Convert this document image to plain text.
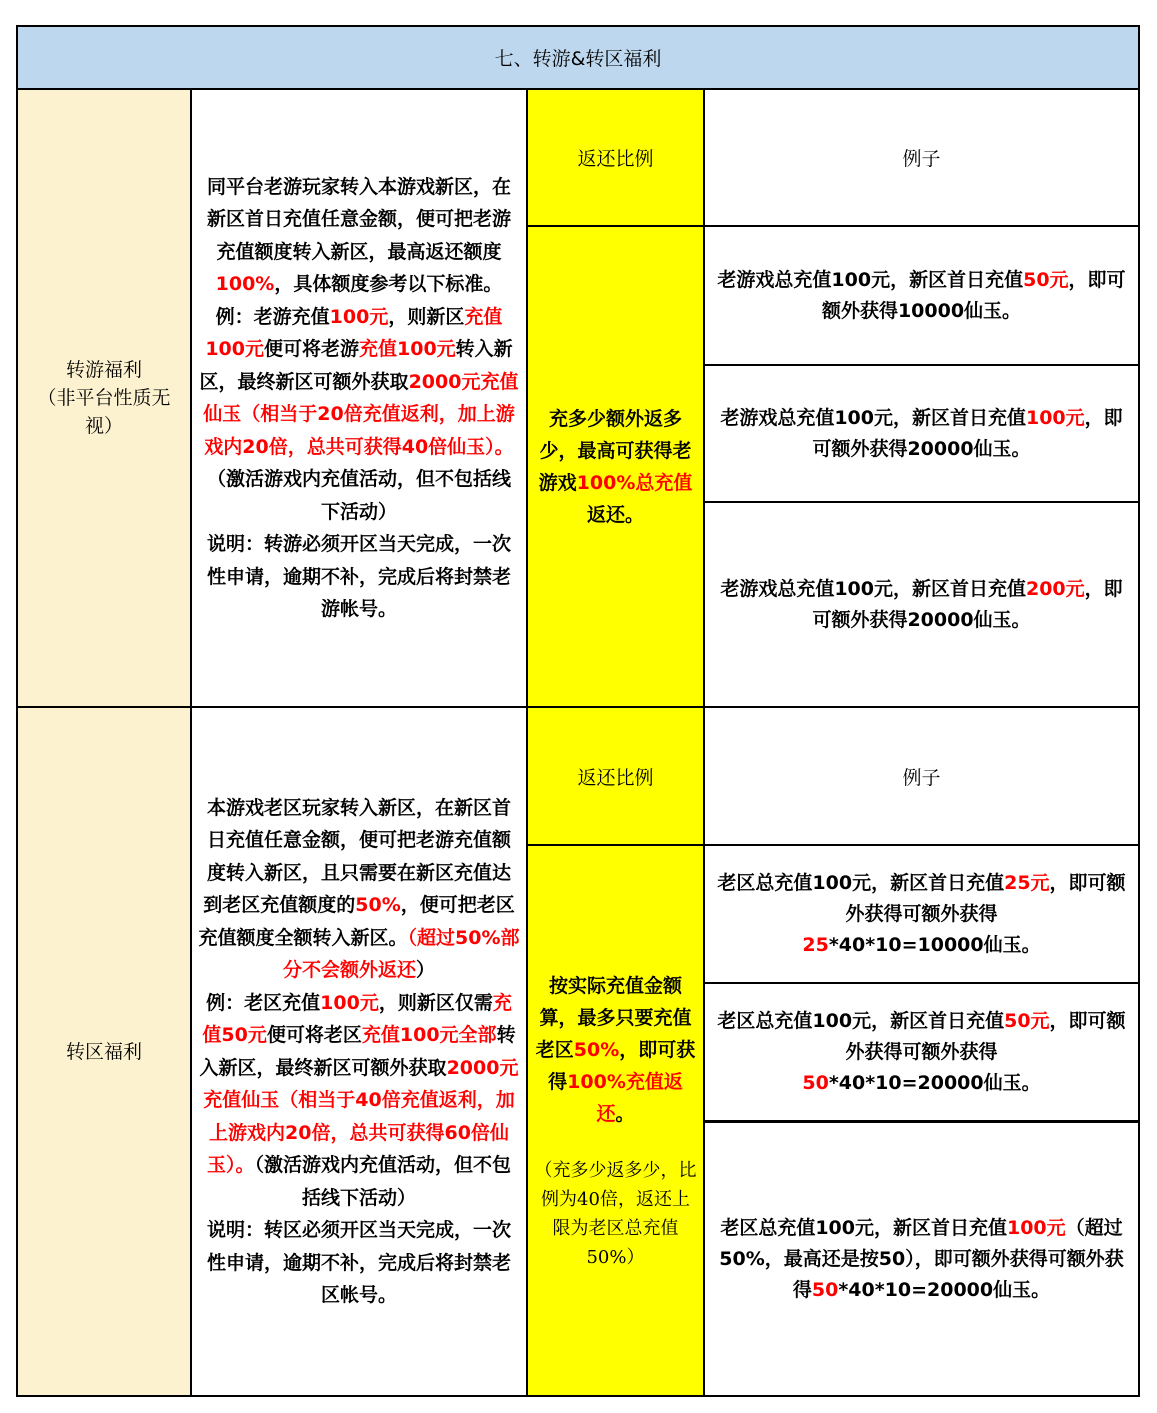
七、转游&转区福利
转游福利
（非平台性质无视）
同平台老游玩家转入本游戏新区，在新区首日充值任意金额，便可把老游充值额度转入新区，最高返还额度100%，具体额度参考以下标准。
例：老游充值100元，则新区充值100元便可将老游充值100元转入新区，最终新区可额外获取2000元充值仙玉（相当于20倍充值返利，加上游戏内20倍，总共可获得40倍仙玉）。（激活游戏内充值活动，但不包括线下活动）
说明：转游必须开区当天完成，一次性申请，逾期不补，完成后将封禁老游帐号。
返还比例
充多少额外返多少，最高可获得老游戏100%总充值返还。
例子
老游戏总充值100元，新区首日充值50元，即可额外获得10000仙玉。
老游戏总充值100元，新区首日充值100元，即可额外获得20000仙玉。
老游戏总充值100元，新区首日充值200元，即可额外获得20000仙玉。
转区福利
本游戏老区玩家转入新区，在新区首日充值任意金额，便可把老游充值额度转入新区，且只需要在新区充值达到老区充值额度的50%，便可把老区充值额度全额转入新区。（超过50%部分不会额外返还）
例：老区充值100元，则新区仅需充值50元便可将老区充值100元全部转入新区，最终新区可额外获取2000元充值仙玉（相当于40倍充值返利，加上游戏内20倍，总共可获得60倍仙玉）。（激活游戏内充值活动，但不包括线下活动）
说明：转区必须开区当天完成，一次性申请，逾期不补，完成后将封禁老区帐号。
返还比例
按实际充值金额算，最多只要充值老区50%，即可获得100%充值返还。
（充多少返多少，比例为40倍，返还上限为老区总充值50%）
例子
老区总充值100元，新区首日充值25元，即可额外获得可额外获得
25*40*10=10000仙玉。
老区总充值100元，新区首日充值50元，即可额外获得可额外获得
50*40*10=20000仙玉。
老区总充值100元，新区首日充值100元（超过50%，最高还是按50），即可额外获得可额外获得50*40*10=20000仙玉。
